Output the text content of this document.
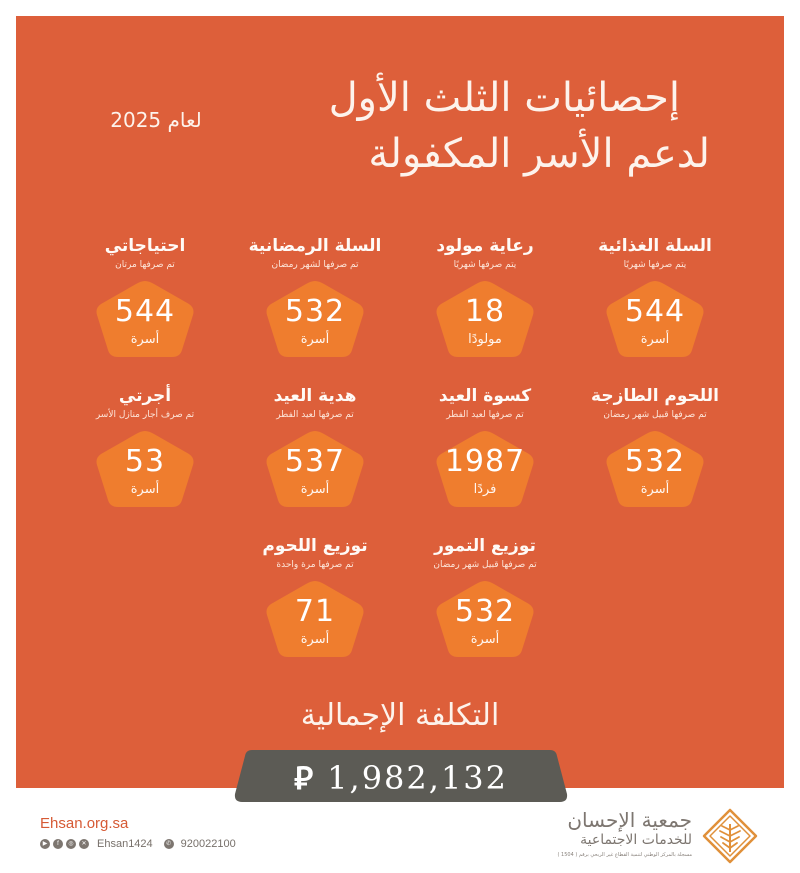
إحصائيات الثلث الأول
لدعم الأسر المكفولة
لعام 2025
السلة الغذائية
يتم صرفها شهريًا
544
أسرة
رعاية مولود
يتم صرفها شهريًا
18
مولودًا
السلة الرمضانية
تم صرفها لشهر رمضان
532
أسرة
احتياجاتي
تم صرفها مرتان
544
أسرة
اللحوم الطازجة
تم صرفها قبيل شهر رمضان
532
أسرة
كسوة العيد
تم صرفها لعيد الفطر
1987
فردًا
هدية العيد
تم صرفها لعيد الفطر
537
أسرة
أجرتي
تم صرف أجار منازل الأسر
53
أسرة
توزيع التمور
تم صرفها قبيل شهر رمضان
532
أسرة
توزيع اللحوم
تم صرفها مرة واحدة
71
أسرة
التكلفة الإجمالية
⃁ 1,982,132
Ehsan.org.sa
▶	f	◎	✕ Ehsan1424	✆ 920022100
جمعية الإحسان
للخدمات الاجتماعية
مسجلة بالمركز الوطني لتنمية القطاع غير الربحي برقم ( 1504 )
